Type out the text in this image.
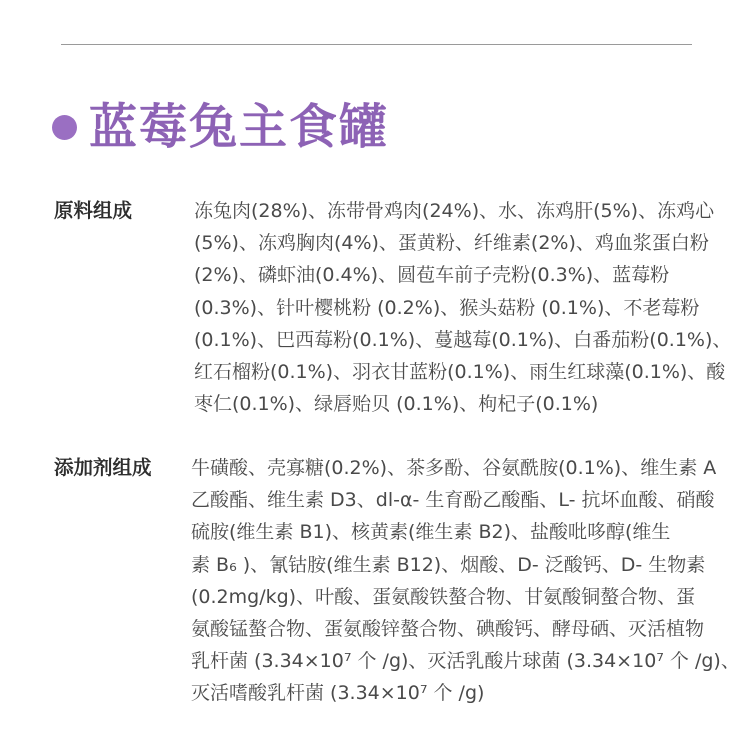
蓝莓兔主食罐
原料组成	冻兔肉(28%)、冻带骨鸡肉(24%)、水、冻鸡肝(5%)、冻鸡心
(5%)、冻鸡胸肉(4%)、蛋黄粉、纤维素(2%)、鸡血浆蛋白粉
(2%)、磷虾油(0.4%)、圆苞车前子壳粉(0.3%)、蓝莓粉
(0.3%)、针叶樱桃粉 (0.2%)、猴头菇粉 (0.1%)、不老莓粉
(0.1%)、巴西莓粉(0.1%)、蔓越莓(0.1%)、白番茄粉(0.1%)、
红石榴粉(0.1%)、羽衣甘蓝粉(0.1%)、雨生红球藻(0.1%)、酸
枣仁(0.1%)、绿唇贻贝 (0.1%)、枸杞子(0.1%)
添加剂组成	牛磺酸、壳寡糖(0.2%)、茶多酚、谷氨酰胺(0.1%)、维生素 A
乙酸酯、维生素 D3、dl-α- 生育酚乙酸酯、L- 抗坏血酸、硝酸
硫胺(维生素 B1)、核黄素(维生素 B2)、盐酸吡哆醇(维生
素 B₆ )、氰钴胺(维生素 B12)、烟酸、D- 泛酸钙、D- 生物素
(0.2mg/kg)、叶酸、蛋氨酸铁螯合物、甘氨酸铜螯合物、蛋
氨酸锰螯合物、蛋氨酸锌螯合物、碘酸钙、酵母硒、灭活植物
乳杆菌 (3.34×10⁷ 个 /g)、灭活乳酸片球菌 (3.34×10⁷ 个 /g)、
灭活嗜酸乳杆菌 (3.34×10⁷ 个 /g)
